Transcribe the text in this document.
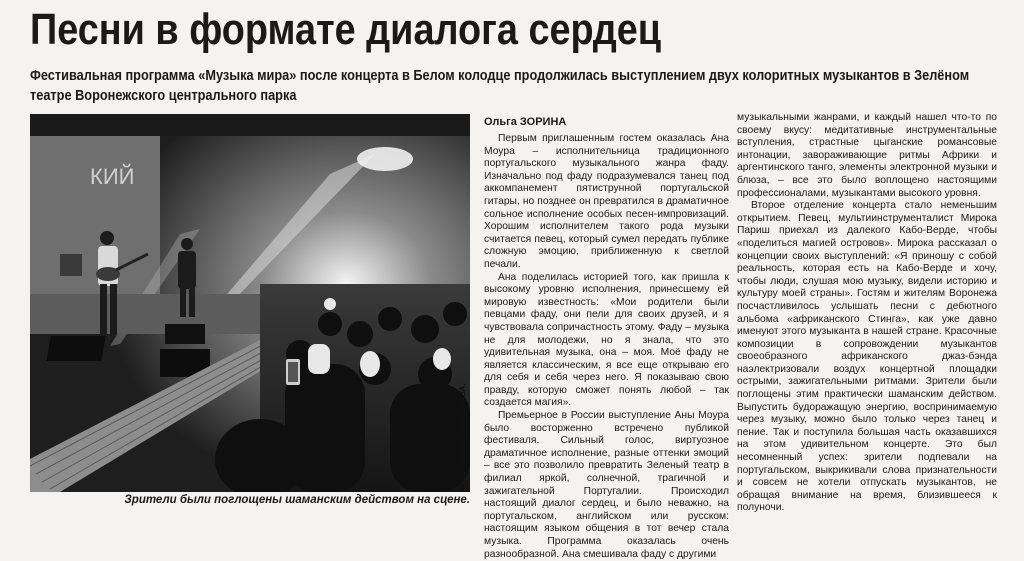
Песни в формате диалога сердец

Фестивальная программа «Музыка мира» после концерта в Белом колодце продолжилась выступлением двух колоритных музыкантов в Зелёном театре Воронежского центрального парка

КИЙ
Фото Андрея ПАРФЁНОВА.
Зрители были поглощены шаманским действом на сцене.
Ольга ЗОРИНА

Первым приглашенным гостем оказалась Ана Моура – исполнительница традиционного португальского музыкального жанра фаду. Изначально под фаду подразумевался танец под аккомпанемент пятиструнной португальской гитары, но позднее он превратился в драматичное сольное исполнение особых песен-импровизаций. Хорошим исполнителем такого рода музыки считается певец, который сумел передать публике сложную эмоцию, приближенную к светлой печали.

Ана поделилась историей того, как пришла к высокому уровню исполнения, принесшему ей мировую известность: «Мои родители были певцами фаду, они пели для своих друзей, и я чувствовала сопричастность этому. Фаду – музыка не для молодежи, но я знала, что это удивительная музыка, она – моя. Моё фаду не является классическим, я все еще открываю его для себя и себя через него. Я показываю свою правду, которую сможет понять любой – так создается магия».

Премьерное в России выступление Аны Моура было восторженно встречено публикой фестиваля. Сильный голос, виртуозное драматичное исполнение, разные оттенки эмоций – все это позволило превратить Зеленый театр в филиал яркой, солнечной, трагичной и зажигательной Португалии. Происходил настоящий диалог сердец, и было неважно, на португальском, английском или русском: настоящим языком общения в тот вечер стала музыка. Программа оказалась очень разнообразной. Ана смешивала фаду с другими

музыкальными жанрами, и каждый нашел что-то по своему вкусу: медитативные инструментальные вступления, страстные цыганские романсовые интонации, завораживающие ритмы Африки и аргентинского танго, элементы электронной музыки и блюза, – все это было воплощено настоящими профессионалами, музыкантами высокого уровня.

Второе отделение концерта стало неменьшим открытием. Певец, мультиинструменталист Мирока Париш приехал из далекого Кабо-Верде, чтобы «поделиться магией островов». Мирока рассказал о концепции своих выступлений: «Я приношу с собой реальность, которая есть на Кабо-Верде и хочу, чтобы люди, слушая мою музыку, видели историю и культуру моей страны». Гостям и жителям Воронежа посчастливилось услышать песни с дебютного альбома «африканского Стинга», как уже давно именуют этого музыканта в нашей стране. Красочные композиции в сопровождении музыкантов своеобразного африканского джаз-бэнда наэлектризовали воздух концертной площадки острыми, зажигательными ритмами. Зрители были поглощены этим практически шаманским действом. Выпустить будоражащую энергию, воспринимаемую через музыку, можно было только через танец и пение. Так и поступила большая часть оказавшихся на этом удивительном концерте. Это был несомненный успех: зрители подпевали на португальском, выкрикивали слова признательности и совсем не хотели отпускать музыкантов, не обращая внимание на время, близившееся к полуночи.
